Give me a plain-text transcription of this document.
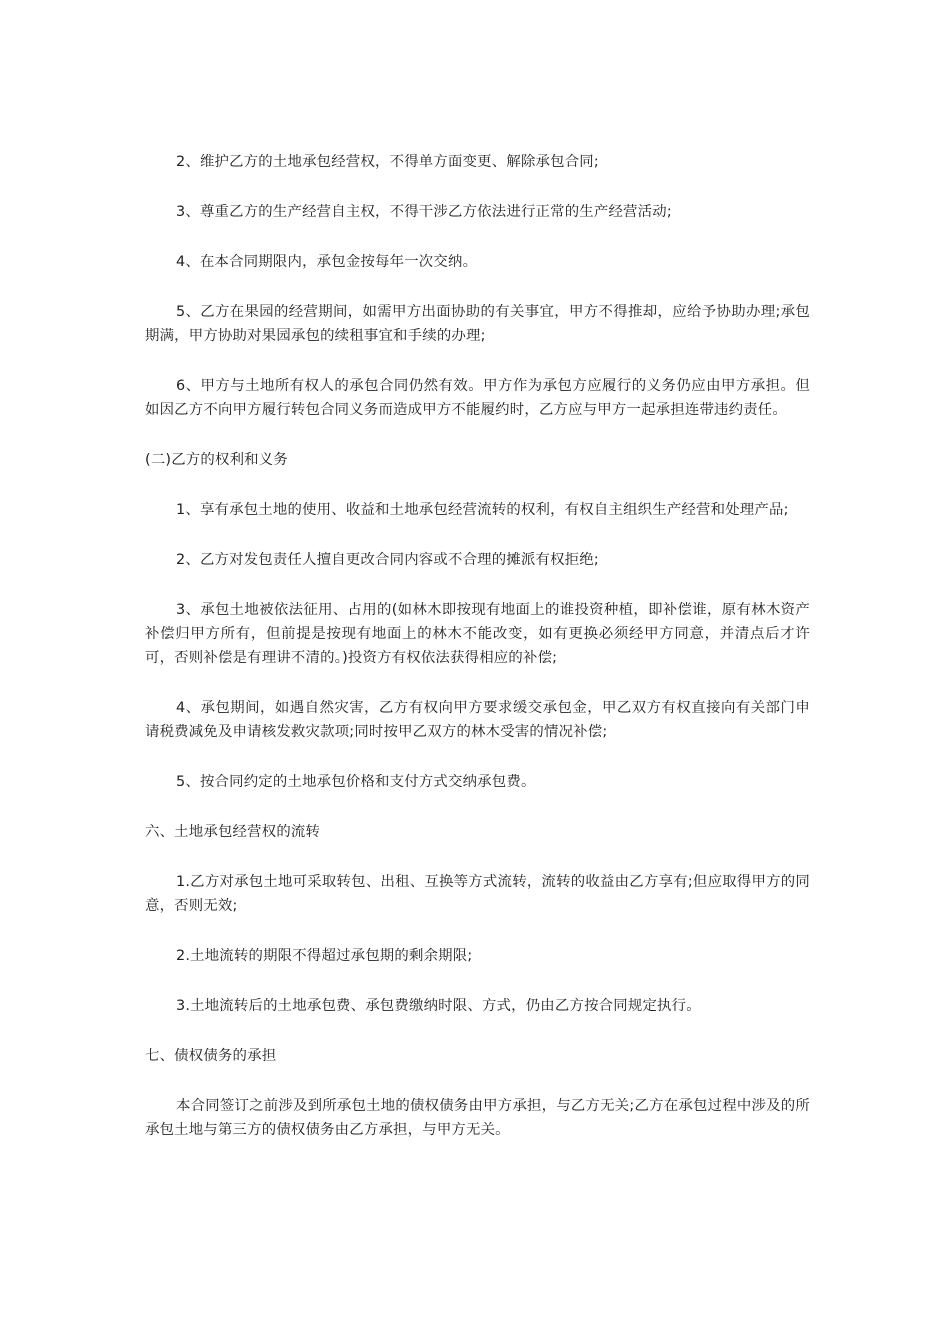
2、维护乙方的土地承包经营权，不得单方面变更、解除承包合同;

3、尊重乙方的生产经营自主权，不得干涉乙方依法进行正常的生产经营活动;

4、在本合同期限内，承包金按每年一次交纳。

5、乙方在果园的经营期间，如需甲方出面协助的有关事宜，甲方不得推却，应给予协助办理;承包期满，甲方协助对果园承包的续租事宜和手续的办理;

6、甲方与土地所有权人的承包合同仍然有效。甲方作为承包方应履行的义务仍应由甲方承担。但如因乙方不向甲方履行转包合同义务而造成甲方不能履约时，乙方应与甲方一起承担连带违约责任。

(二)乙方的权利和义务

1、享有承包土地的使用、收益和土地承包经营流转的权利，有权自主组织生产经营和处理产品;

2、乙方对发包责任人擅自更改合同内容或不合理的摊派有权拒绝;

3、承包土地被依法征用、占用的(如林木即按现有地面上的谁投资种植，即补偿谁，原有林木资产补偿归甲方所有，但前提是按现有地面上的林木不能改变，如有更换必须经甲方同意，并清点后才许可，否则补偿是有理讲不清的。)投资方有权依法获得相应的补偿;

4、承包期间，如遇自然灾害，乙方有权向甲方要求缓交承包金，甲乙双方有权直接向有关部门申请税费减免及申请核发救灾款项;同时按甲乙双方的林木受害的情况补偿;

5、按合同约定的土地承包价格和支付方式交纳承包费。

六、土地承包经营权的流转

1.乙方对承包土地可采取转包、出租、互换等方式流转，流转的收益由乙方享有;但应取得甲方的同意，否则无效;

2.土地流转的期限不得超过承包期的剩余期限;

3.土地流转后的土地承包费、承包费缴纳时限、方式，仍由乙方按合同规定执行。

七、债权债务的承担

本合同签订之前涉及到所承包土地的债权债务由甲方承担，与乙方无关;乙方在承包过程中涉及的所承包土地与第三方的债权债务由乙方承担，与甲方无关。
